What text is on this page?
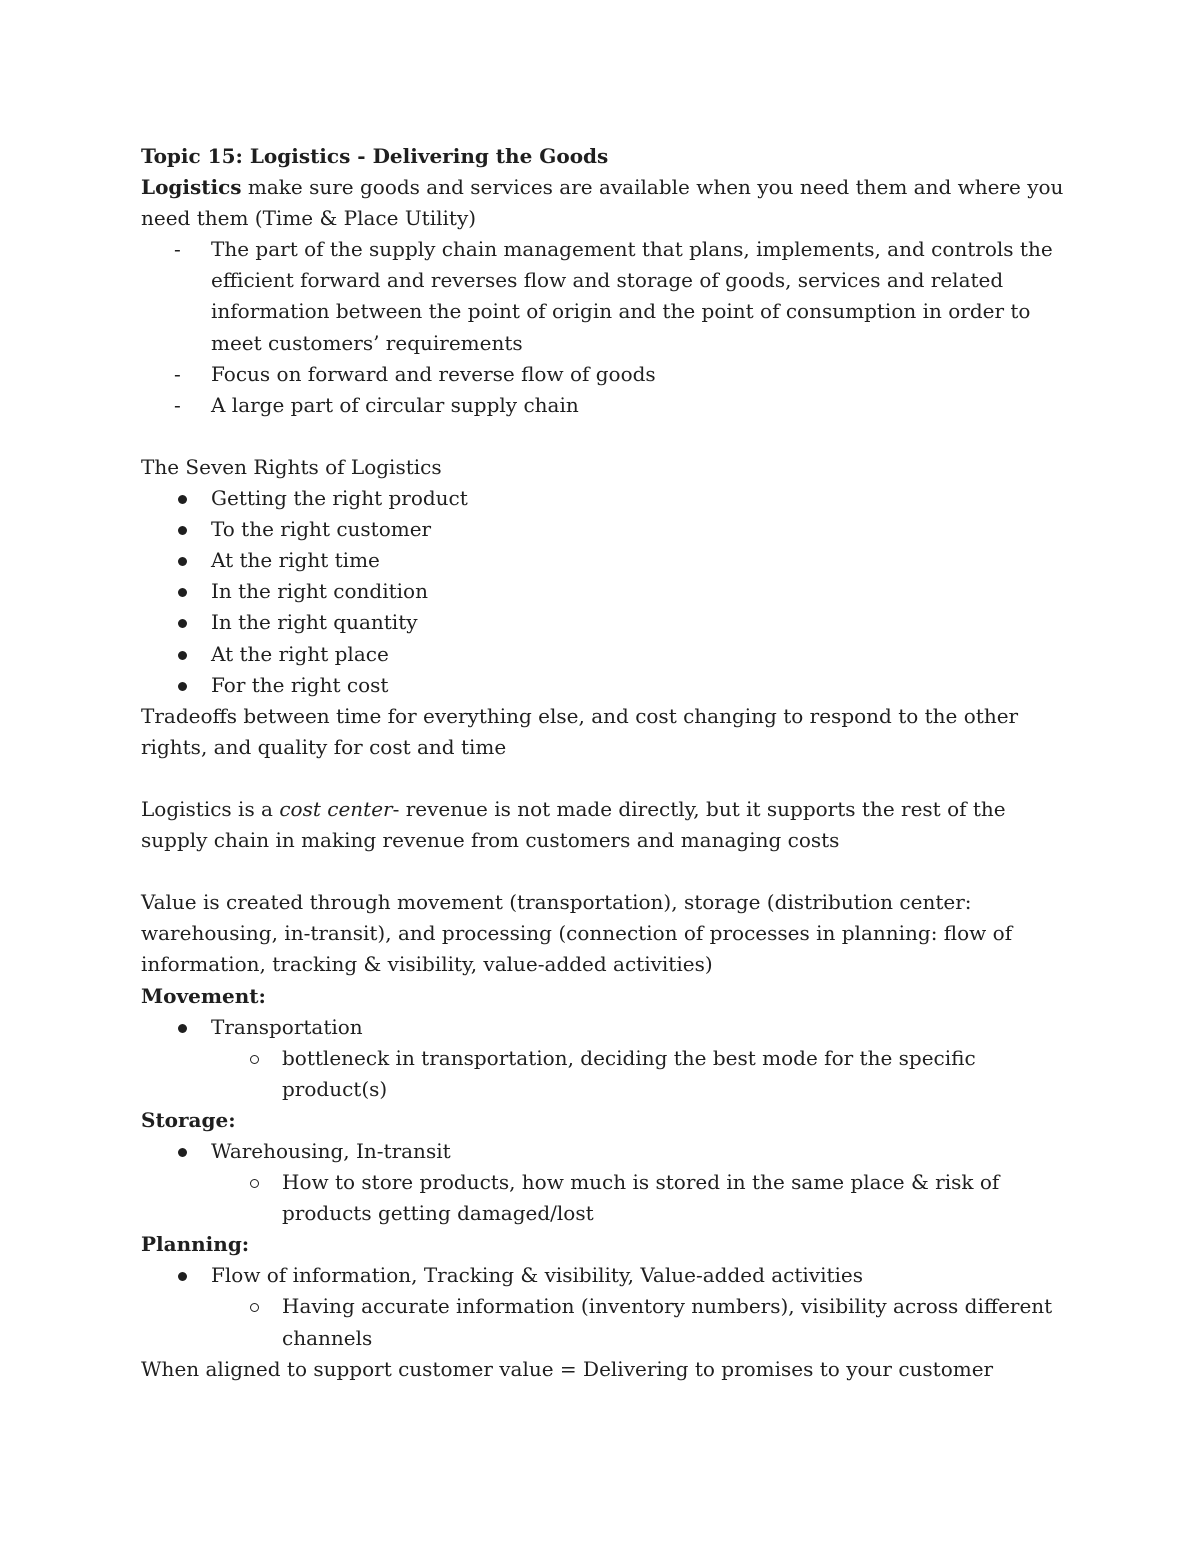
Topic 15: Logistics - Delivering the Goods

Logistics make sure goods and services are available when you need them and where you need them (Time & Place Utility)

- The part of the supply chain management that plans, implements, and controls the efficient forward and reverses flow and storage of goods, services and related information between the point of origin and the point of consumption in order to meet customers’ requirements
- Focus on forward and reverse flow of goods
- A large part of circular supply chain

The Seven Rights of Logistics

Getting the right product
To the right customer
At the right time
In the right condition
In the right quantity
At the right place
For the right cost

Tradeoffs between time for everything else, and cost changing to respond to the other rights, and quality for cost and time

Logistics is a cost center- revenue is not made directly, but it supports the rest of the supply chain in making revenue from customers and managing costs

Value is created through movement (transportation), storage (distribution center: warehousing, in-transit), and processing (connection of processes in planning: flow of information, tracking & visibility, value-added activities)

Movement:

Transportation
bottleneck in transportation, deciding the best mode for the specific product(s)

Storage:

Warehousing, In-transit
How to store products, how much is stored in the same place & risk of products getting damaged/lost

Planning:

Flow of information, Tracking & visibility, Value-added activities
Having accurate information (inventory numbers), visibility across different channels

When aligned to support customer value = Delivering to promises to your customer
